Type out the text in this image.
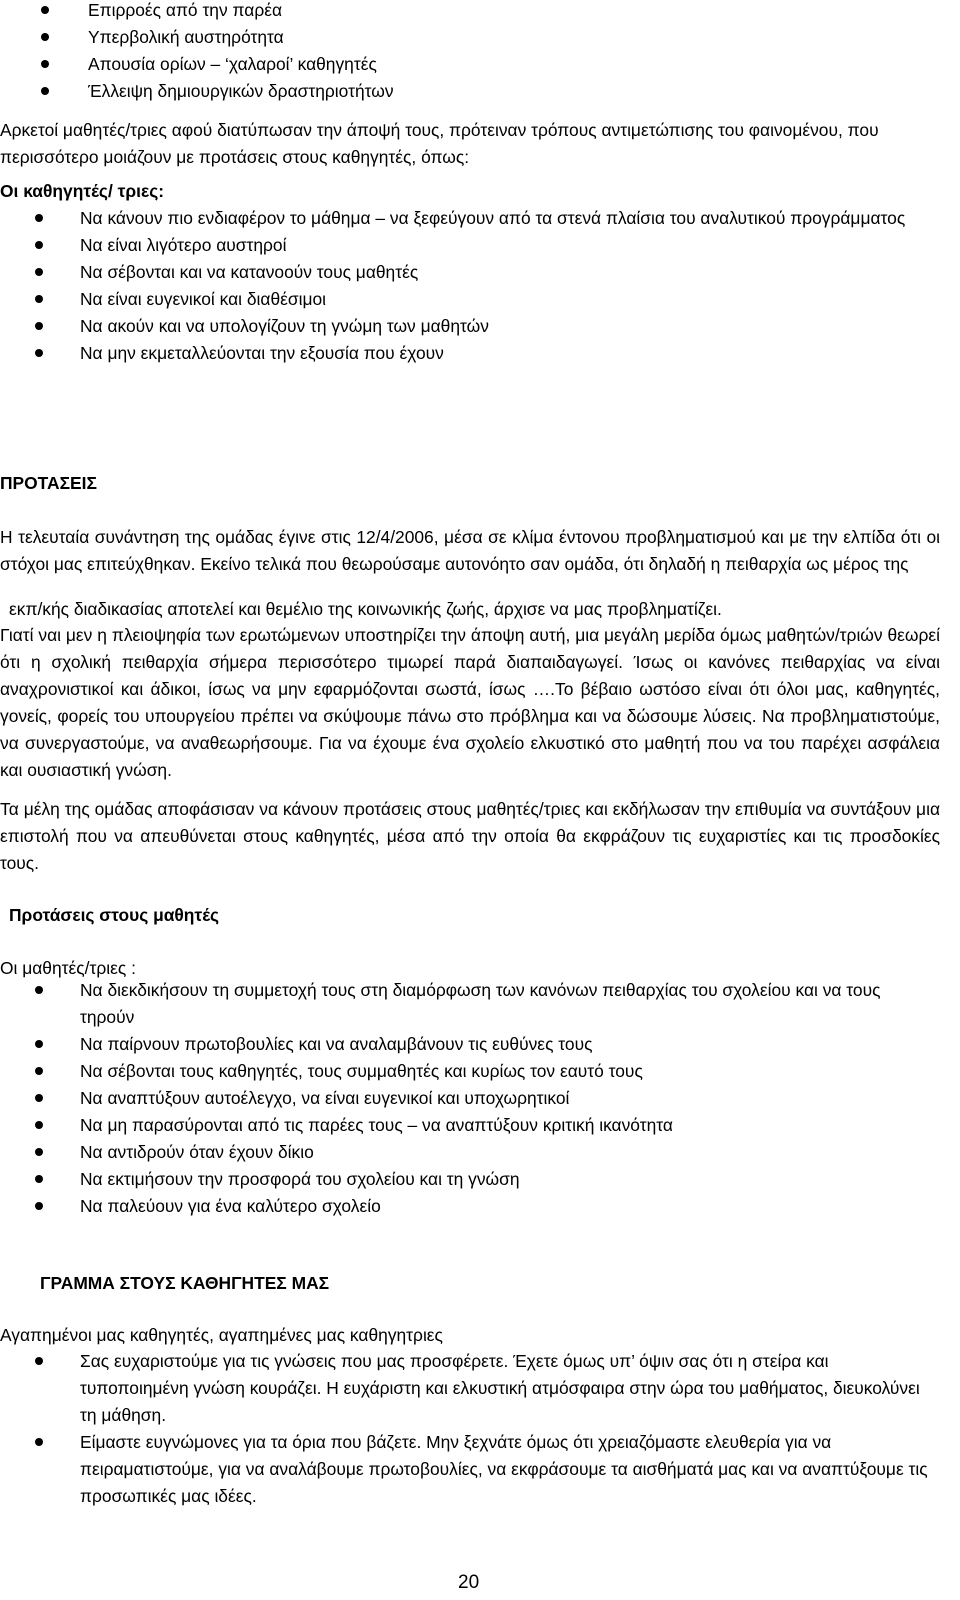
Επιρροές από την παρέα
Υπερβολική αυστηρότητα
Απουσία ορίων – ‘χαλαροί’ καθηγητές
Έλλειψη δημιουργικών δραστηριοτήτων
Αρκετοί μαθητές/τριες αφού διατύπωσαν την άποψή τους, πρότειναν τρόπους αντιμετώπισης του φαινομένου, που περισσότερο μοιάζουν με προτάσεις στους καθηγητές, όπως:
Οι καθηγητές/ τριες:
Να κάνουν πιο ενδιαφέρον το μάθημα – να ξεφεύγουν από τα στενά πλαίσια του αναλυτικού προγράμματος
Να είναι λιγότερο αυστηροί
Να σέβονται και να κατανοούν τους μαθητές
Να είναι ευγενικοί και διαθέσιμοι
Να ακούν και να υπολογίζουν τη γνώμη των μαθητών
Να μην εκμεταλλεύονται την εξουσία που έχουν
ΠΡΟΤΑΣΕΙΣ
Η τελευταία συνάντηση της ομάδας έγινε στις 12/4/2006, μέσα σε κλίμα έντονου προβληματισμού και με την ελπίδα ότι οι στόχοι μας επιτεύχθηκαν. Εκείνο τελικά που θεωρούσαμε αυτονόητο σαν ομάδα, ότι δηλαδή η πειθαρχία ως μέρος της
εκπ/κής διαδικασίας αποτελεί και θεμέλιο της κοινωνικής ζωής, άρχισε να μας προβληματίζει.
Γιατί ναι μεν η πλειοψηφία των ερωτώμενων υποστηρίζει την άποψη αυτή, μια μεγάλη μερίδα όμως μαθητών/τριών θεωρεί ότι η σχολική πειθαρχία σήμερα περισσότερο τιμωρεί παρά διαπαιδαγωγεί. Ίσως οι κανόνες πειθαρχίας να είναι αναχρονιστικοί και άδικοι, ίσως να μην εφαρμόζονται σωστά, ίσως ….Το βέβαιο ωστόσο είναι ότι όλοι μας, καθηγητές, γονείς, φορείς του υπουργείου πρέπει να σκύψουμε πάνω στο πρόβλημα και να δώσουμε λύσεις. Να προβληματιστούμε, να συνεργαστούμε, να αναθεωρήσουμε. Για να έχουμε ένα σχολείο ελκυστικό στο μαθητή που να του παρέχει ασφάλεια και ουσιαστική γνώση.
Τα μέλη της ομάδας αποφάσισαν να κάνουν προτάσεις στους μαθητές/τριες και εκδήλωσαν την επιθυμία να συντάξουν μια επιστολή που να απευθύνεται στους καθηγητές, μέσα από την οποία θα εκφράζουν τις ευχαριστίες και τις προσδοκίες τους.
Προτάσεις στους μαθητές
Οι μαθητές/τριες :
Να διεκδικήσουν τη συμμετοχή τους στη διαμόρφωση των κανόνων πειθαρχίας του σχολείου και να τους τηρούν
Να παίρνουν πρωτοβουλίες και να αναλαμβάνουν τις ευθύνες τους
Να σέβονται τους καθηγητές, τους συμμαθητές και κυρίως τον εαυτό τους
Να αναπτύξουν αυτοέλεγχο, να είναι ευγενικοί και υποχωρητικοί
Να μη παρασύρονται από τις παρέες τους – να αναπτύξουν κριτική ικανότητα
Να αντιδρούν όταν έχουν δίκιο
Να εκτιμήσουν την προσφορά του σχολείου και τη γνώση
Να παλεύουν για ένα καλύτερο σχολείο
ΓΡΑΜΜΑ ΣΤΟΥΣ ΚΑΘΗΓΗΤΕΣ ΜΑΣ
Αγαπημένοι μας καθηγητές, αγαπημένες μας καθηγητριες
Σας ευχαριστούμε για τις γνώσεις που μας προσφέρετε. Έχετε όμως υπ’ όψιν σας ότι η στείρα και τυποποιημένη γνώση κουράζει. Η ευχάριστη και ελκυστική ατμόσφαιρα στην ώρα του μαθήματος, διευκολύνει τη μάθηση.
Είμαστε ευγνώμονες για τα όρια που βάζετε. Μην ξεχνάτε όμως ότι χρειαζόμαστε ελευθερία για να πειραματιστούμε, για να αναλάβουμε πρωτοβουλίες, να εκφράσουμε τα αισθήματά μας και να αναπτύξουμε τις προσωπικές μας ιδέες.
20
